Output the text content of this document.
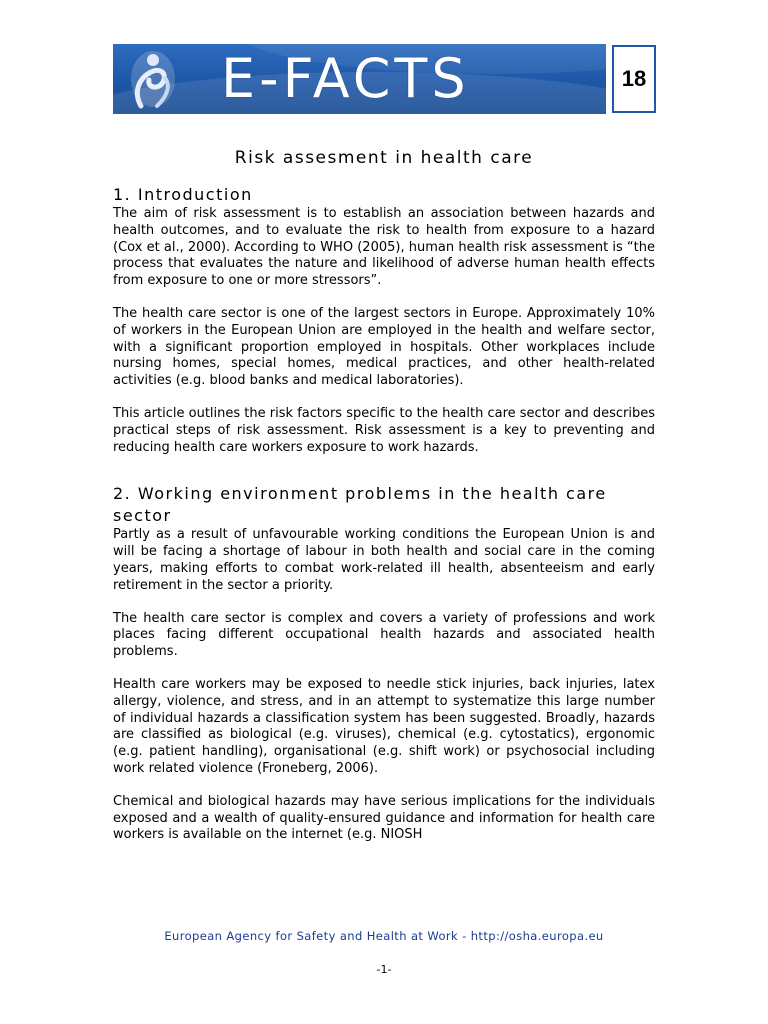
E-FACTS	18
Risk assesment in health care
1. Introduction

The aim of risk assessment is to establish an association between hazards and health outcomes, and to evaluate the risk to health from exposure to a hazard (Cox et al., 2000). According to WHO (2005), human health risk assessment is “the process that evaluates the nature and likelihood of adverse human health effects from exposure to one or more stressors”.

The health care sector is one of the largest sectors in Europe. Approximately 10% of workers in the European Union are employed in the health and welfare sector, with a significant proportion employed in hospitals. Other workplaces include nursing homes, special homes, medical practices, and other health-related activities (e.g. blood banks and medical laboratories).

This article outlines the risk factors specific to the health care sector and describes practical steps of risk assessment. Risk assessment is a key to preventing and reducing health care workers exposure to work hazards.

2. Working environment problems in the health care sector

Partly as a result of unfavourable working conditions the European Union is and will be facing a shortage of labour in both health and social care in the coming years, making efforts to combat work-related ill health, absenteeism and early retirement in the sector a priority.

The health care sector is complex and covers a variety of professions and work places facing different occupational health hazards and associated health problems.

Health care workers may be exposed to needle stick injuries, back injuries, latex allergy, violence, and stress, and in an attempt to systematize this large number of individual hazards a classification system has been suggested. Broadly, hazards are classified as biological (e.g. viruses), chemical (e.g. cytostatics), ergonomic (e.g. patient handling), organisational (e.g. shift work) or psychosocial including work related violence (Froneberg, 2006).

Chemical and biological hazards may have serious implications for the individuals exposed and a wealth of quality-ensured guidance and information for health care workers is available on the internet (e.g. NIOSH

European Agency for Safety and Health at Work - http://osha.europa.eu
-1-
